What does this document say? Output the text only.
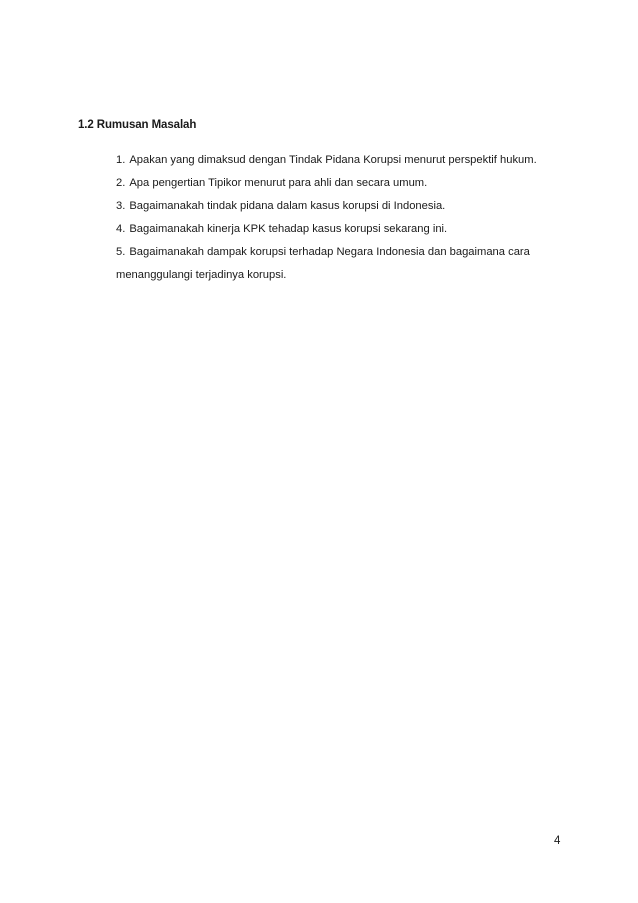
1.2 Rumusan Masalah
1. Apakan yang dimaksud dengan Tindak Pidana Korupsi menurut perspektif hukum.
2. Apa pengertian Tipikor menurut para ahli dan secara umum.
3. Bagaimanakah tindak pidana dalam kasus korupsi di Indonesia.
4. Bagaimanakah kinerja KPK tehadap kasus korupsi sekarang ini.
5. Bagaimanakah dampak korupsi terhadap Negara Indonesia dan bagaimana cara
menanggulangi terjadinya korupsi.
4
